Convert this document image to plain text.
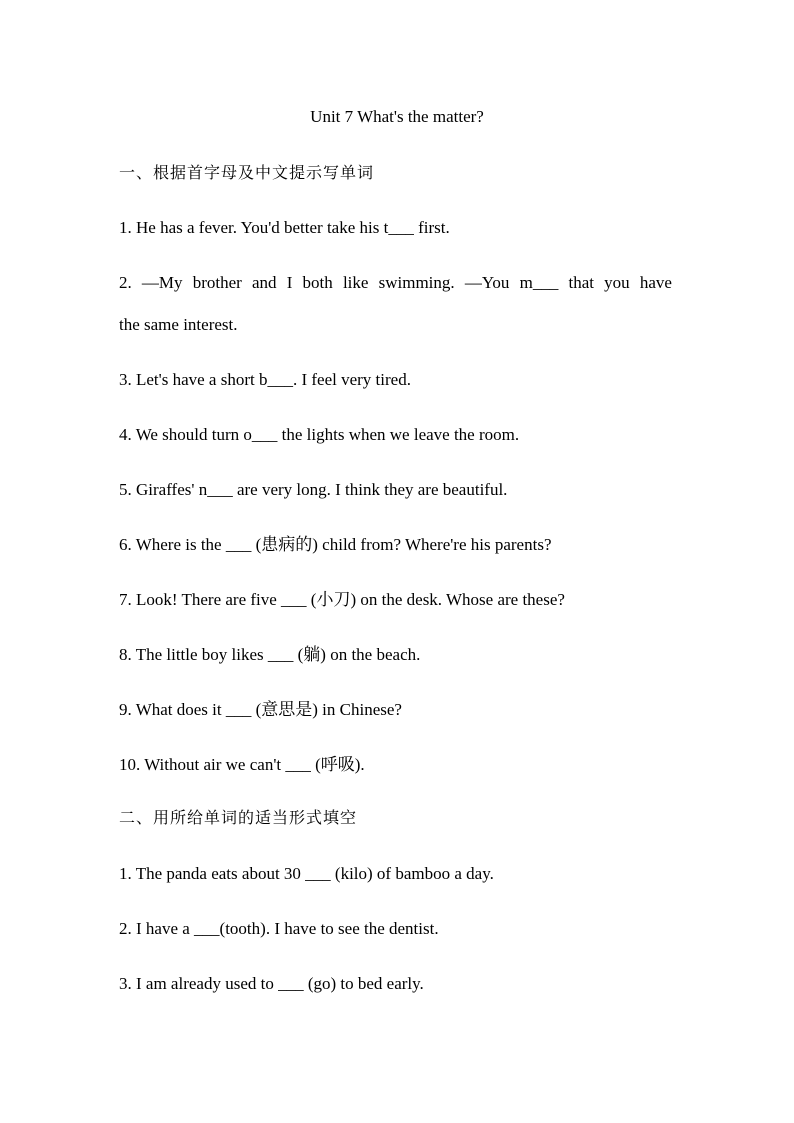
Unit 7 What's the matter?
一、根据首字母及中文提示写单词
1. He has a fever. You'd better take his t___ first.
2. —My brother and I both like swimming. —You m___ that you have
the same interest.
3. Let's have a short b___. I feel very tired.
4. We should turn o___ the lights when we leave the room.
5. Giraffes' n___ are very long. I think they are beautiful.
6. Where is the ___ (患病的) child from? Where're his parents?
7. Look! There are five ___ (小刀) on the desk. Whose are these?
8. The little boy likes ___ (躺) on the beach.
9. What does it ___ (意思是) in Chinese?
10. Without air we can't ___ (呼吸).
二、用所给单词的适当形式填空
1. The panda eats about 30 ___ (kilo) of bamboo a day.
2. I have a ___(tooth). I have to see the dentist.
3. I am already used to ___ (go) to bed early.
